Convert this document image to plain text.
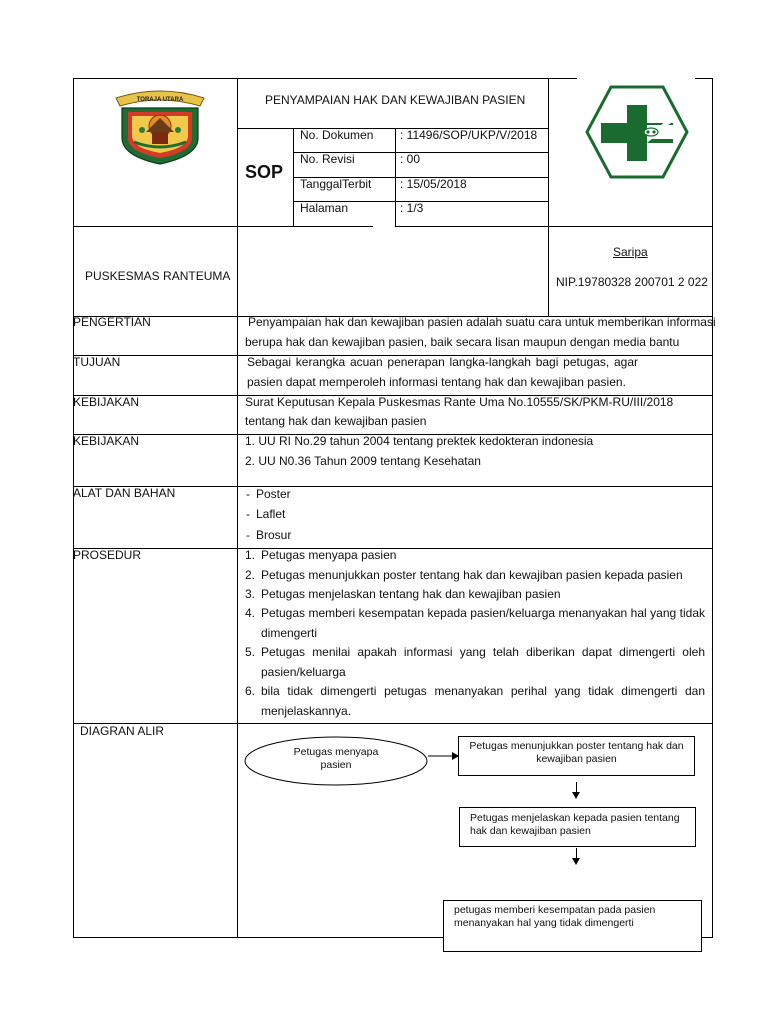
TORAJA UTARA	PENYAMPAIAN HAK DAN KEWAJIBAN PASIEN
SOP
No. Dokumen : 11496/SOP/UKP/V/2018
No. Revisi	: 00
TanggalTerbit : 15/05/2018
Halaman	: 1/3
PUSKESMAS RANTEUMA
Saripa
NIP.19780328 200701 2 022
PENGERTIAN	Penyampaian hak dan kewajiban pasien adalah suatu cara untuk memberikan informasi
berupa hak dan kewajiban pasien, baik secara lisan maupun dengan media bantu
TUJUAN	Sebagai kerangka acuan penerapan langka-langkah bagi petugas, agar
pasien dapat memperoleh informasi tentang hak dan kewajiban pasien.
KEBIJAKAN	Surat Keputusan Kepala Puskesmas Rante Uma No.10555/SK/PKM-RU/III/2018
tentang hak dan kewajiban pasien
KEBIJAKAN	1. UU RI No.29 tahun 2004 tentang prektek kedokteran indonesia
2. UU N0.36 Tahun 2009 tentang Kesehatan
ALAT DAN BAHAN	- Poster
- Laflet
- Brosur
PROSEDUR	1. Petugas menyapa pasien
2. Petugas menunjukkan poster tentang hak dan kewajiban pasien kepada pasien
3. Petugas menjelaskan tentang hak dan kewajiban pasien
4. Petugas memberi kesempatan kepada pasien/keluarga menanyakan hal yang tidak
dimengerti
5. Petugas menilai apakah informasi yang telah diberikan dapat dimengerti oleh
pasien/keluarga
6. bila tidak dimengerti petugas menanyakan perihal yang tidak dimengerti dan
menjelaskannya.
DIAGRAN ALIR
Petugas menyapa
pasien
Petugas menunjukkan poster tentang hak dan
kewajiban pasien
Petugas menjelaskan kepada pasien tentang
hak dan kewajiban pasien
petugas memberi kesempatan pada pasien
menanyakan hal yang tidak dimengerti
